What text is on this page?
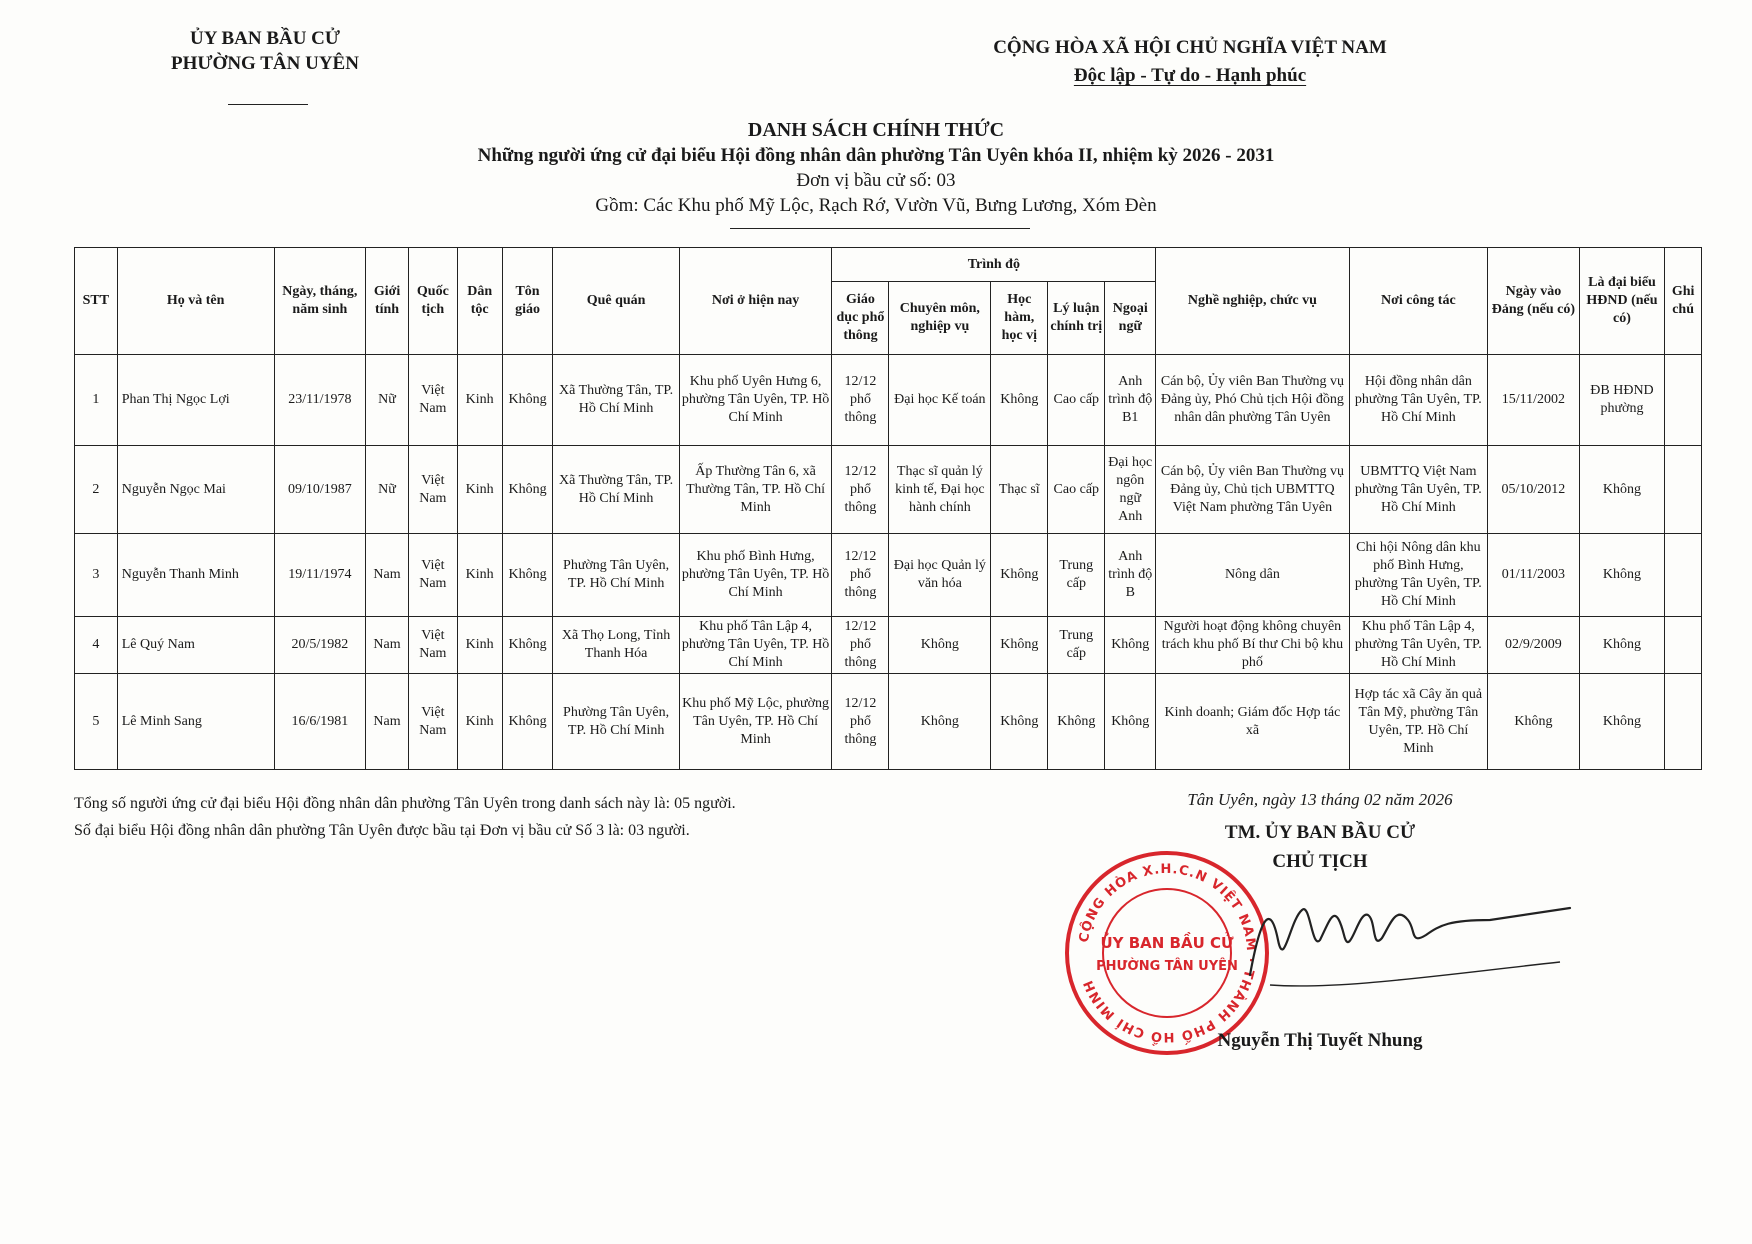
ỦY BAN BẦU CỬ
PHƯỜNG TÂN UYÊN
CỘNG HÒA XÃ HỘI CHỦ NGHĨA VIỆT NAM
Độc lập - Tự do - Hạnh phúc
DANH SÁCH CHÍNH THỨC
Những người ứng cử đại biểu Hội đồng nhân dân phường Tân Uyên khóa II, nhiệm kỳ 2026 - 2031
Đơn vị bầu cử số: 03
Gồm: Các Khu phố Mỹ Lộc, Rạch Rớ, Vườn Vũ, Bưng Lương, Xóm Đèn
STT	Họ và tên	Ngày, tháng, năm sinh	Giới tính	Quốc tịch	Dân tộc	Tôn giáo	Quê quán	Nơi ở hiện nay	Trình độ					Nghề nghiệp, chức vụ	Nơi công tác	Ngày vào Đảng (nếu có)	Là đại biểu HĐND (nếu có)	Ghi chú
									Giáo dục phổ thông	Chuyên môn, nghiệp vụ	Học hàm, học vị	Lý luận chính trị	Ngoại ngữ					
1	Phan Thị Ngọc Lợi	23/11/1978	Nữ	Việt Nam	Kinh	Không	Xã Thường Tân, TP. Hồ Chí Minh	Khu phố Uyên Hưng 6, phường Tân Uyên, TP. Hồ Chí Minh	12/12 phổ thông	Đại học Kế toán	Không	Cao cấp	Anh trình độ B1	Cán bộ, Ủy viên Ban Thường vụ Đảng ủy, Phó Chủ tịch Hội đồng nhân dân phường Tân Uyên	Hội đồng nhân dân phường Tân Uyên, TP. Hồ Chí Minh	15/11/2002	ĐB HĐND phường	
2	Nguyễn Ngọc Mai	09/10/1987	Nữ	Việt Nam	Kinh	Không	Xã Thường Tân, TP. Hồ Chí Minh	Ấp Thường Tân 6, xã Thường Tân, TP. Hồ Chí Minh	12/12 phổ thông	Thạc sĩ quản lý kinh tế, Đại học hành chính	Thạc sĩ	Cao cấp	Đại học ngôn ngữ Anh	Cán bộ, Ủy viên Ban Thường vụ Đảng ủy, Chủ tịch UBMTTQ Việt Nam phường Tân Uyên	UBMTTQ Việt Nam phường Tân Uyên, TP. Hồ Chí Minh	05/10/2012	Không	
3	Nguyễn Thanh Minh	19/11/1974	Nam	Việt Nam	Kinh	Không	Phường Tân Uyên, TP. Hồ Chí Minh	Khu phố Bình Hưng, phường Tân Uyên, TP. Hồ Chí Minh	12/12 phổ thông	Đại học Quản lý văn hóa	Không	Trung cấp	Anh trình độ B	Nông dân	Chi hội Nông dân khu phố Bình Hưng, phường Tân Uyên, TP. Hồ Chí Minh	01/11/2003	Không	
4	Lê Quý Nam	20/5/1982	Nam	Việt Nam	Kinh	Không	Xã Thọ Long, Tỉnh Thanh Hóa	Khu phố Tân Lập 4, phường Tân Uyên, TP. Hồ Chí Minh	12/12 phổ thông	Không	Không	Trung cấp	Không	Người hoạt động không chuyên trách khu phố Bí thư Chi bộ khu phố	Khu phố Tân Lập 4, phường Tân Uyên, TP. Hồ Chí Minh	02/9/2009	Không	
5	Lê Minh Sang	16/6/1981	Nam	Việt Nam	Kinh	Không	Phường Tân Uyên, TP. Hồ Chí Minh	Khu phố Mỹ Lộc, phường Tân Uyên, TP. Hồ Chí Minh	12/12 phổ thông	Không	Không	Không	Không	Kinh doanh; Giám đốc Hợp tác xã	Hợp tác xã Cây ăn quả Tân Mỹ, phường Tân Uyên, TP. Hồ Chí Minh	Không	Không	
Tổng số người ứng cử đại biểu Hội đồng nhân dân phường Tân Uyên trong danh sách này là: 05 người.
Số đại biểu Hội đồng nhân dân phường Tân Uyên được bầu tại Đơn vị bầu cử Số 3 là: 03 người.
Tân Uyên, ngày 13 tháng 02 năm 2026
TM. ỦY BAN BẦU CỬ
CHỦ TỊCH
CỘNG HÒA X.H.C.N VIỆT NAM · THÀNH PHỐ HỒ CHÍ MINH
ỦY BAN BẦU CỬ
PHƯỜNG TÂN UYÊN
Nguyễn Thị Tuyết Nhung
